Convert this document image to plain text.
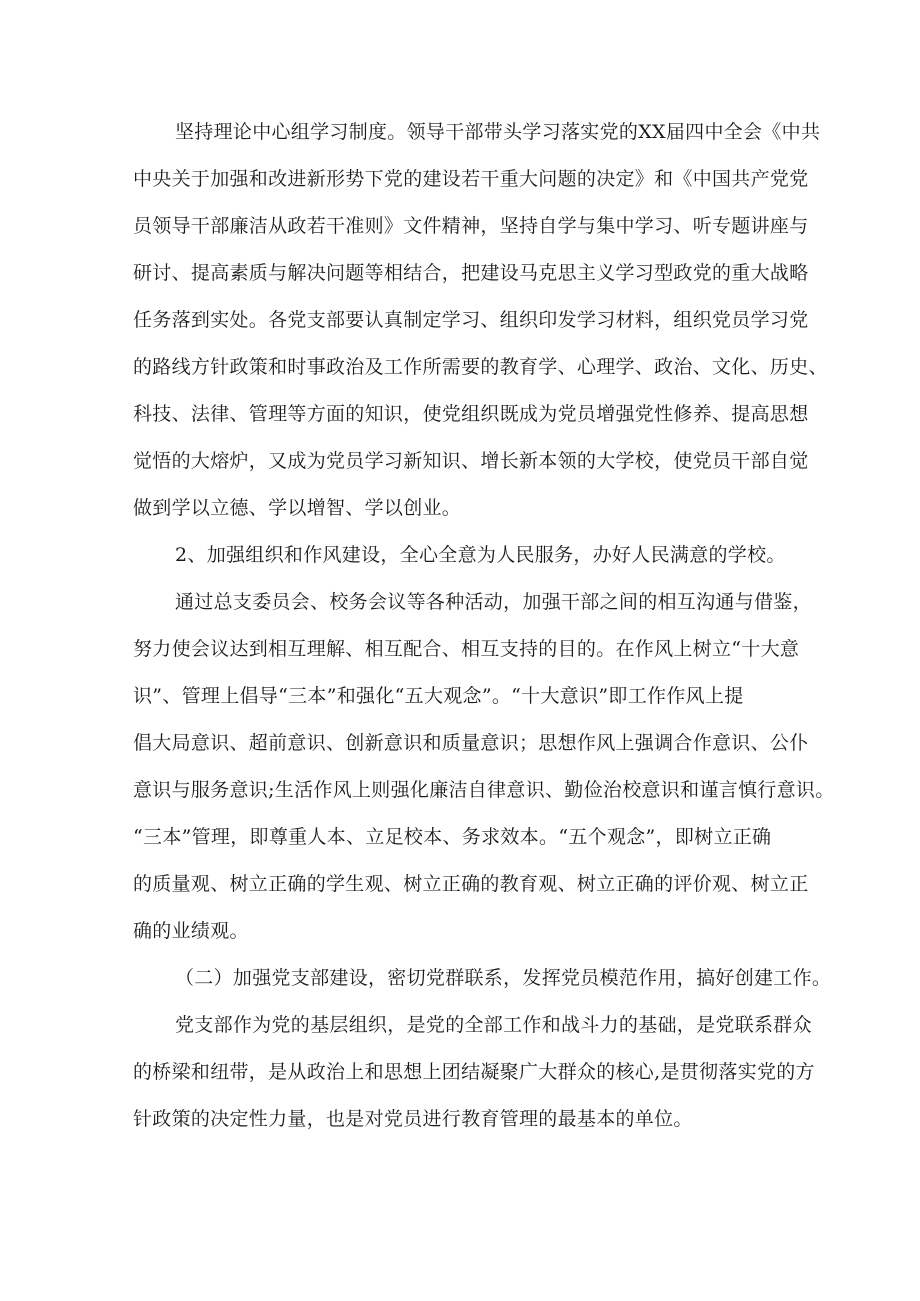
坚持理论中心组学习制度。领导干部带头学习落实党的XX届四中全会《中共
中央关于加强和改进新形势下党的建设若干重大问题的决定》和《中国共产党党
员领导干部廉洁从政若干准则》文件精神，坚持自学与集中学习、听专题讲座与
研讨、提高素质与解决问题等相结合，把建设马克思主义学习型政党的重大战略
任务落到实处。各党支部要认真制定学习、组织印发学习材料，组织党员学习党
的路线方针政策和时事政治及工作所需要的教育学、心理学、政治、文化、历史、
科技、法律、管理等方面的知识，使党组织既成为党员增强党性修养、提高思想
觉悟的大熔炉，又成为党员学习新知识、增长新本领的大学校，使党员干部自觉
做到学以立德、学以增智、学以创业。
2、加强组织和作风建设，全心全意为人民服务，办好人民满意的学校。
通过总支委员会、校务会议等各种活动，加强干部之间的相互沟通与借鉴，
努力使会议达到相互理解、相互配合、相互支持的目的。在作风上树立“十大意
识”、管理上倡导“三本”和强化“五大观念”。“十大意识”即工作作风上提
倡大局意识、超前意识、创新意识和质量意识；思想作风上强调合作意识、公仆
意识与服务意识;生活作风上则强化廉洁自律意识、勤俭治校意识和谨言慎行意识。
“三本”管理，即尊重人本、立足校本、务求效本。“五个观念”，即树立正确
的质量观、树立正确的学生观、树立正确的教育观、树立正确的评价观、树立正
确的业绩观。
（二）加强党支部建设，密切党群联系，发挥党员模范作用，搞好创建工作。
党支部作为党的基层组织，是党的全部工作和战斗力的基础，是党联系群众
的桥梁和纽带，是从政治上和思想上团结凝聚广大群众的核心,是贯彻落实党的方
针政策的决定性力量，也是对党员进行教育管理的最基本的单位。
